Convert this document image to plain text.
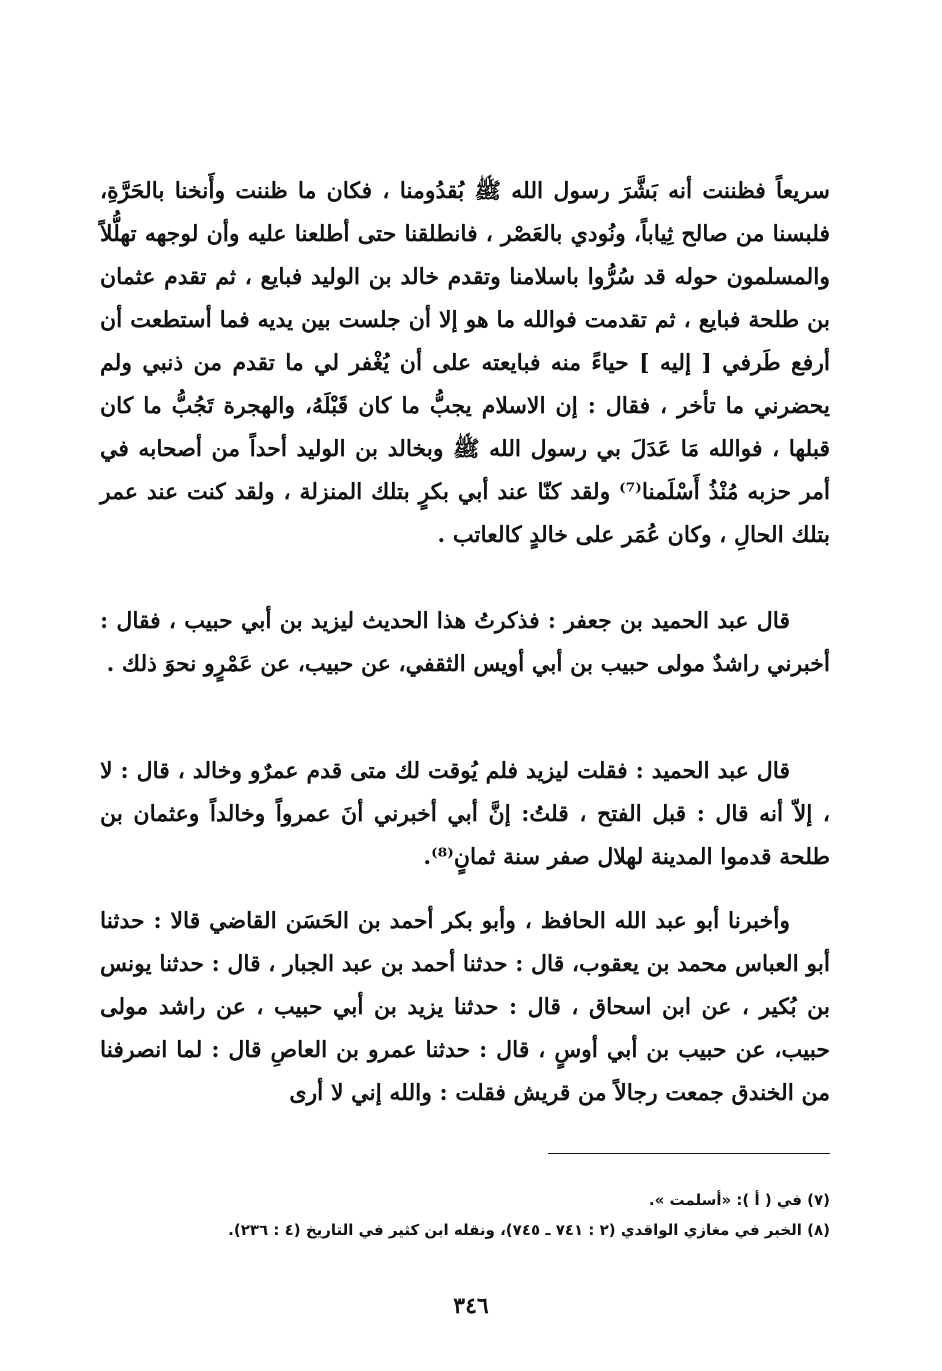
سريعاً فظننت أنه بَشَّرَ رسول الله ﷺ بُقدُومنا ، فكان ما ظننت وأَنخنا بالحَرَّةِ، فلبسنا من صالح ثِياباً، ونُودي بالعَصْر ، فانطلقنا حتى أطلعنا عليه وأن لوجهه تهلُّلاً والمسلمون حوله قد سُرُّوا باسلامنا وتقدم خالد بن الوليد فبايع ، ثم تقدم عثمان بن طلحة فبايع ، ثم تقدمت فوالله ما هو إلا أن جلست بين يديه فما أستطعت أن أرفع طَرفي [ إليه ] حياءً منه فبايعته على أن يُغْفر لي ما تقدم من ذنبي ولم يحضرني ما تأخر ، فقال : إن الاسلام يجبُّ ما كان قَبْلَهُ، والهجرة تَجُبُّ ما كان قبلها ، فوالله مَا عَدَلَ بي رسول الله ﷺ وبخالد بن الوليد أحداً من أصحابه في أمر حزبه مُنْذُ أَسْلَمنا⁽⁷⁾ ولقد كنّا عند أبي بكرٍ بتلك المنزلة ، ولقد كنت عند عمر بتلك الحالِ ، وكان عُمَر على خالدٍ كالعاتب .

قال عبد الحميد بن جعفر : فذكرتُ هذا الحديث ليزيد بن أبي حبيب ، فقال : أخبرني راشدٌ مولى حبيب بن أبي أويس الثقفي، عن حبيب، عن عَمْرٍو نحوَ ذلك .

قال عبد الحميد : فقلت ليزيد فلم يُوقت لك متى قدم عمرٌو وخالد ، قال : لا ، إلاّ أنه قال : قبل الفتح ، قلتُ: إنَّ أبي أخبرني أنَ عمرواً وخالداً وعثمان بن طلحة قدموا المدينة لهلال صفر سنة ثمانٍ⁽⁸⁾.

وأخبرنا أبو عبد الله الحافظ ، وأبو بكر أحمد بن الحَسَن القاضي قالا : حدثنا أبو العباس محمد بن يعقوب، قال : حدثنا أحمد بن عبد الجبار ، قال : حدثنا يونس بن بُكير ، عن ابن اسحاق ، قال : حدثنا يزيد بن أبي حبيب ، عن راشد مولى حبيب، عن حبيب بن أبي أوسٍ ، قال : حدثنا عمرو بن العاصِ قال : لما انصرفنا من الخندق جمعت رجالاً من قريش فقلت : والله إني لا أرى

(٧) في ( أ ): «أسلمت ».

(٨) الخبر في مغازي الواقدي (٢ : ٧٤١ ـ ٧٤٥)، ونقله ابن كثير في التاريخ (٤ : ٢٣٦).

٣٤٦
